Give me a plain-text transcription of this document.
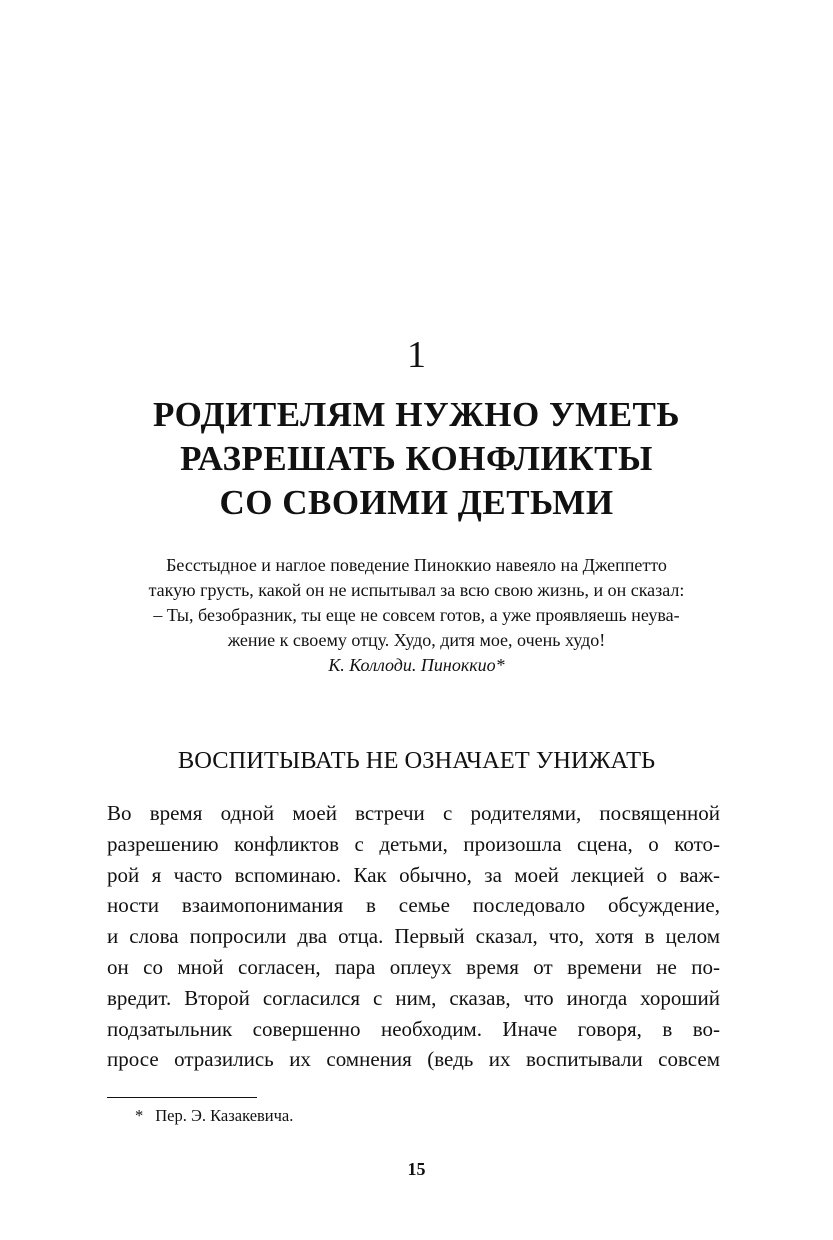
1
РОДИТЕЛЯМ НУЖНО УМЕТЬ
РАЗРЕШАТЬ КОНФЛИКТЫ
СО СВОИМИ ДЕТЬМИ
Бесстыдное и наглое поведение Пиноккио навеяло на Джеппетто
такую грусть, какой он не испытывал за всю свою жизнь, и он сказал:
– Ты, безобразник, ты еще не совсем готов, а уже проявляешь неува-
жение к своему отцу. Худо, дитя мое, очень худо!
К. Коллоди. Пиноккио*
ВОСПИТЫВАТЬ НЕ ОЗНАЧАЕТ УНИЖАТЬ
Во время одной моей встречи с родителями, посвященной
разрешению конфликтов с детьми, произошла сцена, о кото-
рой я часто вспоминаю. Как обычно, за моей лекцией о важ-
ности взаимопонимания в семье последовало обсуждение,
и слова попросили два отца. Первый сказал, что, хотя в целом
он со мной согласен, пара оплеух время от времени не по-
вредит. Второй согласился с ним, сказав, что иногда хороший
подзатыльник совершенно необходим. Иначе говоря, в во-
просе отразились их сомнения (ведь их воспитывали совсем
* Пер. Э. Казакевича.
15
